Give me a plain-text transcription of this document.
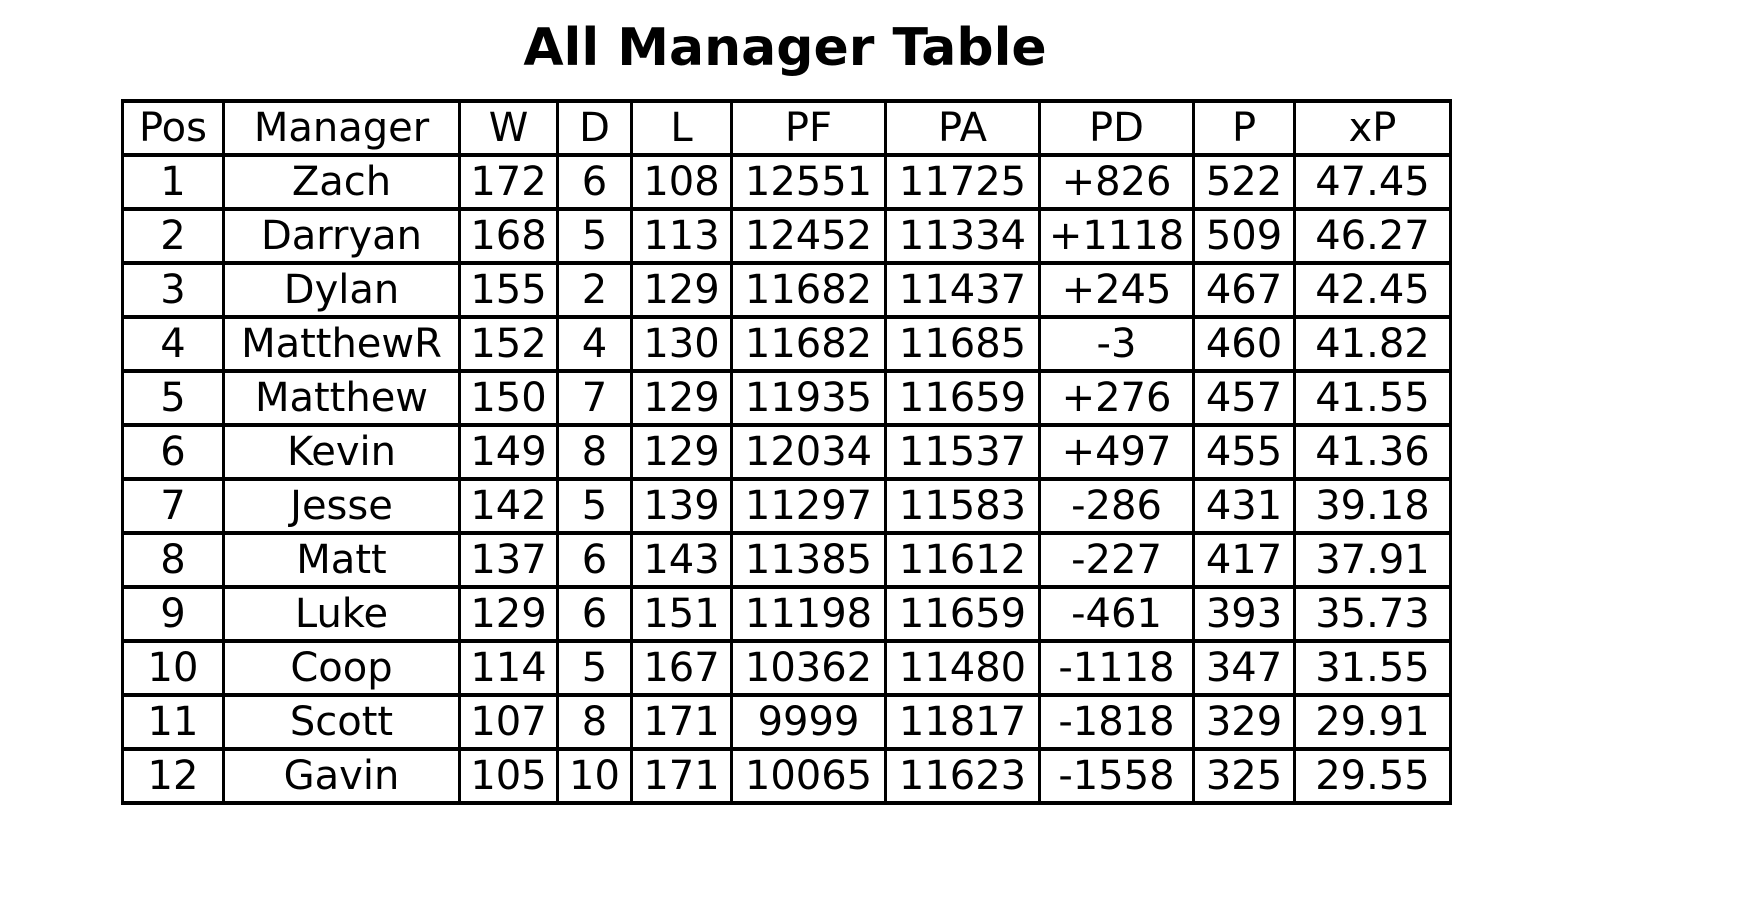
All Manager Table
Pos	Manager	W	D	L	PF	PA	PD	P	xP
1	Zach	172	6	108	12551	11725	+826	522	47.45
2	Darryan	168	5	113	12452	11334	+1118	509	46.27
3	Dylan	155	2	129	11682	11437	+245	467	42.45
4	MatthewR	152	4	130	11682	11685	-3	460	41.82
5	Matthew	150	7	129	11935	11659	+276	457	41.55
6	Kevin	149	8	129	12034	11537	+497	455	41.36
7	Jesse	142	5	139	11297	11583	-286	431	39.18
8	Matt	137	6	143	11385	11612	-227	417	37.91
9	Luke	129	6	151	11198	11659	-461	393	35.73
10	Coop	114	5	167	10362	11480	-1118	347	31.55
11	Scott	107	8	171	9999	11817	-1818	329	29.91
12	Gavin	105	10	171	10065	11623	-1558	325	29.55
